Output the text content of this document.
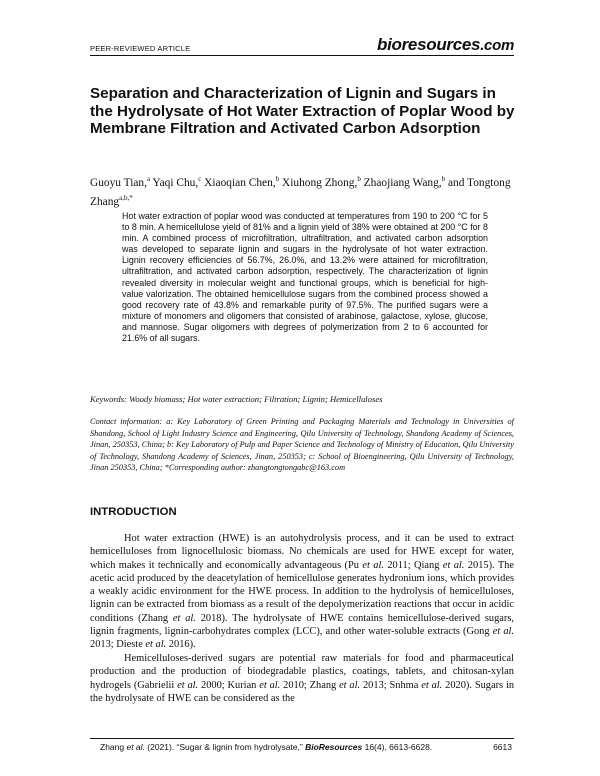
PEER-REVIEWED ARTICLE	bioresources.com
Separation and Characterization of Lignin and Sugars in the Hydrolysate of Hot Water Extraction of Poplar Wood by Membrane Filtration and Activated Carbon Adsorption

Guoyu Tian,$^a$ Yaqi Chu,$^c$ Xiaoqian Chen,$^b$ Xiuhong Zhong,$^b$ Zhaojiang Wang,$^b$ and Tongtong Zhang$^{a,b,*}$

Hot water extraction of poplar wood was conducted at temperatures from 190 to 200 °C for 5 to 8 min. A hemicellulose yield of 81% and a lignin yield of 38% were obtained at 200 °C for 8 min. A combined process of microfiltration, ultrafiltration, and activated carbon adsorption was developed to separate lignin and sugars in the hydrolysate of hot water extraction. Lignin recovery efficiencies of 56.7%, 26.0%, and 13.2% were attained for microfiltration, ultrafiltration, and activated carbon adsorption, respectively. The characterization of lignin revealed diversity in molecular weight and functional groups, which is beneficial for high-value valorization. The obtained hemicellulose sugars from the combined process showed a good recovery rate of 43.8% and remarkable purity of 97.5%. The purified sugars were a mixture of monomers and oligomers that consisted of arabinose, galactose, xylose, glucose, and mannose. Sugar oligomers with degrees of polymerization from 2 to 6 accounted for 21.6% of all sugars.

Keywords: Woody biomass; Hot water extraction; Filtration; Lignin; Hemicelluloses

Contact information: a: Key Laboratory of Green Printing and Packaging Materials and Technology in Universities of Shandong, School of Light Industry Science and Engineering, Qilu University of Technology, Shandong Academy of Sciences, Jinan, 250353, China; b: Key Laboratory of Pulp and Paper Science and Technology of Ministry of Education, Qilu University of Technology, Shandong Academy of Sciences, Jinan, 250353; c: School of Bioengineering, Qilu University of Technology, Jinan 250353, China; *Corresponding author: zhangtongtongabc@163.com

INTRODUCTION

Hot water extraction (HWE) is an autohydrolysis process, and it can be used to extract hemicelluloses from lignocellulosic biomass. No chemicals are used for HWE except for water, which makes it technically and economically advantageous (Pu et al. 2011; Qiang et al. 2015). The acetic acid produced by the deacetylation of hemicellulose generates hydronium ions, which provides a weakly acidic environment for the HWE process. In addition to the hydrolysis of hemicelluloses, lignin can be extracted from biomass as a result of the depolymerization reactions that occur in acidic conditions (Zhang et al. 2018). The hydrolysate of HWE contains hemicellulose-derived sugars, lignin fragments, lignin-carbohydrates complex (LCC), and other water-soluble extracts (Gong et al. 2013; Dieste et al. 2016).

Hemicelluloses-derived sugars are potential raw materials for food and pharmaceutical production and the production of biodegradable plastics, coatings, tablets, and chitosan-xylan hydrogels (Gabrielii et al. 2000; Kurian et al. 2010; Zhang et al. 2013; Snhma et al. 2020). Sugars in the hydrolysate of HWE can be considered as the

Zhang et al. (2021). “Sugar & lignin from hydrolysate,” BioResources 16(4), 6613-6628.	6613
